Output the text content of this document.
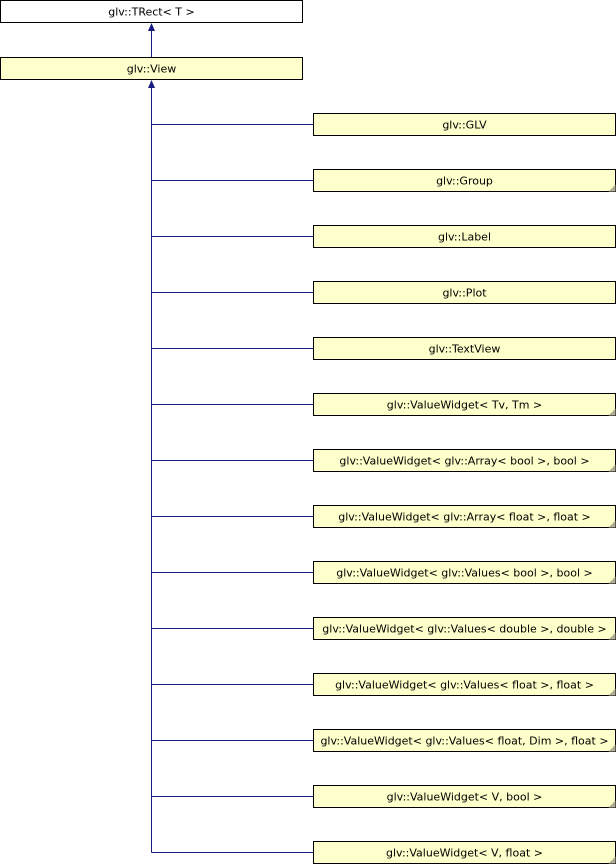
glv::TRect< T >
glv::View
glv::GLV
glv::Group
glv::Label
glv::Plot
glv::TextView
glv::ValueWidget< Tv, Tm >
glv::ValueWidget< glv::Array< bool >, bool >
glv::ValueWidget< glv::Array< float >, float >
glv::ValueWidget< glv::Values< bool >, bool >
glv::ValueWidget< glv::Values< double >, double >
glv::ValueWidget< glv::Values< float >, float >
glv::ValueWidget< glv::Values< float, Dim >, float >
glv::ValueWidget< V, bool >
glv::ValueWidget< V, float >
